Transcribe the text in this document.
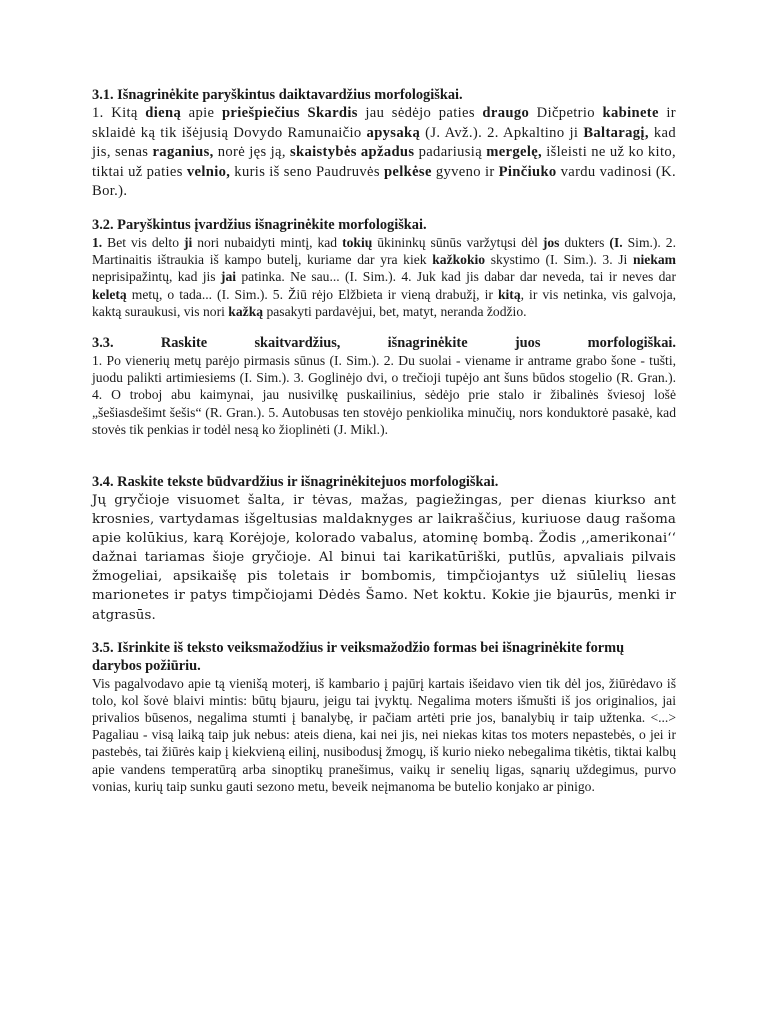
3.1. Išnagrinėkite paryškintus daiktavardžius morfologiškai.

1. Kitą dieną apie priešpiečius Skardis jau sėdėjo paties draugo Dičpetrio kabinete ir sklaidė ką tik išėjusią Dovydo Ramunaičio apysaką (J. Avž.). 2. Apkaltino ji Baltaragį, kad jis, senas raganius, norė jęs ją, skaistybės apžadus padariusią mergelę, išleisti ne už ko kito, tiktai už paties velnio, kuris iš seno Paudruvės pelkėse gyveno ir Pinčiuko vardu vadinosi (K. Bor.).

3.2. Paryškintus įvardžius išnagrinėkite morfologiškai.

1. Bet vis delto ji nori nubaidyti mintį, kad tokių ūkininkų sūnūs varžytųsi dėl jos dukters (I. Sim.). 2. Martinaitis ištraukia iš kampo butelį, kuriame dar yra kiek kažkokio skystimo (I. Sim.). 3. Ji niekam neprisipažintų, kad jis jai patinka. Ne sau... (I. Sim.). 4. Juk kad jis dabar dar neveda, tai ir neves dar keletą metų, o tada... (I. Sim.). 5. Žiū rėjo Elžbieta ir vieną drabužį, ir kitą, ir vis netinka, vis galvoja, kaktą suraukusi, vis nori kažką pasakyti pardavėjui, bet, matyt, neranda žodžio.

3.3. Raskite skaitvardžius, išnagrinėkite juos morfologiškai.

1. Po vienerių metų parėjo pirmasis sūnus (I. Sim.). 2. Du suolai - viename ir antrame grabo šone - tušti, juodu palikti artimiesiems (I. Sim.). 3. Goglinėjo dvi, o trečioji tupėjo ant šuns būdos stogelio (R. Gran.). 4. O troboj abu kaimynai, jau nusivilkę puskailinius, sėdėjo prie stalo ir žibalinės šviesoj lošė „šešiasdešimt šešis“ (R. Gran.). 5. Autobusas ten stovėjo penkiolika minučių, nors konduktorė pasakė, kad stovės tik penkias ir todėl nesą ko žioplinėti (J. Mikl.).

3.4. Raskite tekste būdvardžius ir išnagrinėkitejuos morfologiškai.

Jų gryčioje visuomet šalta, ir tėvas, mažas, pagiežingas, per dienas kiurkso ant krosnies, vartydamas išgeltusias maldaknyges ar laikraščius, kuriuose daug rašoma apie kolūkius, karą Korėjoje, kolorado vabalus, atominę bombą. Žodis ,,amerikonai‘‘ dažnai tariamas šioje gryčioje. Al binui tai karikatūriški, putlūs, apvaliais pilvais žmogeliai, apsikaišę pis toletais ir bombomis, timpčiojantys už siūlelių liesas marionetes ir patys timpčiojami Dėdės Šamo. Net koktu. Kokie jie bjaurūs, menki ir atgrasūs.

3.5. Išrinkite iš teksto veiksmažodžius ir veiksmažodžio formas bei išnagrinėkite formų darybos požiūriu.

Vis pagalvodavo apie tą vienišą moterį, iš kambario į pajūrį kartais išeidavo vien tik dėl jos, žiūrėdavo iš tolo, kol šovė blaivi mintis: būtų bjauru, jeigu tai įvyktų. Negalima moters išmušti iš jos originalios, jai privalios būsenos, negalima stumti į banalybę, ir pačiam artėti prie jos, banalybių ir taip užtenka. <...> Pagaliau - visą laiką taip juk nebus: ateis diena, kai nei jis, nei niekas kitas tos moters nepastebės, o jei ir pastebės, tai žiūrės kaip į kiekvieną eilinį, nusibodusį žmogų, iš kurio nieko nebegalima tikėtis, tiktai kalbų apie vandens temperatūrą arba sinoptikų pranešimus, vaikų ir senelių ligas, sąnarių uždegimus, purvo vonias, kurių taip sunku gauti sezono metu, beveik neįmanoma be butelio konjako ar pinigo.
